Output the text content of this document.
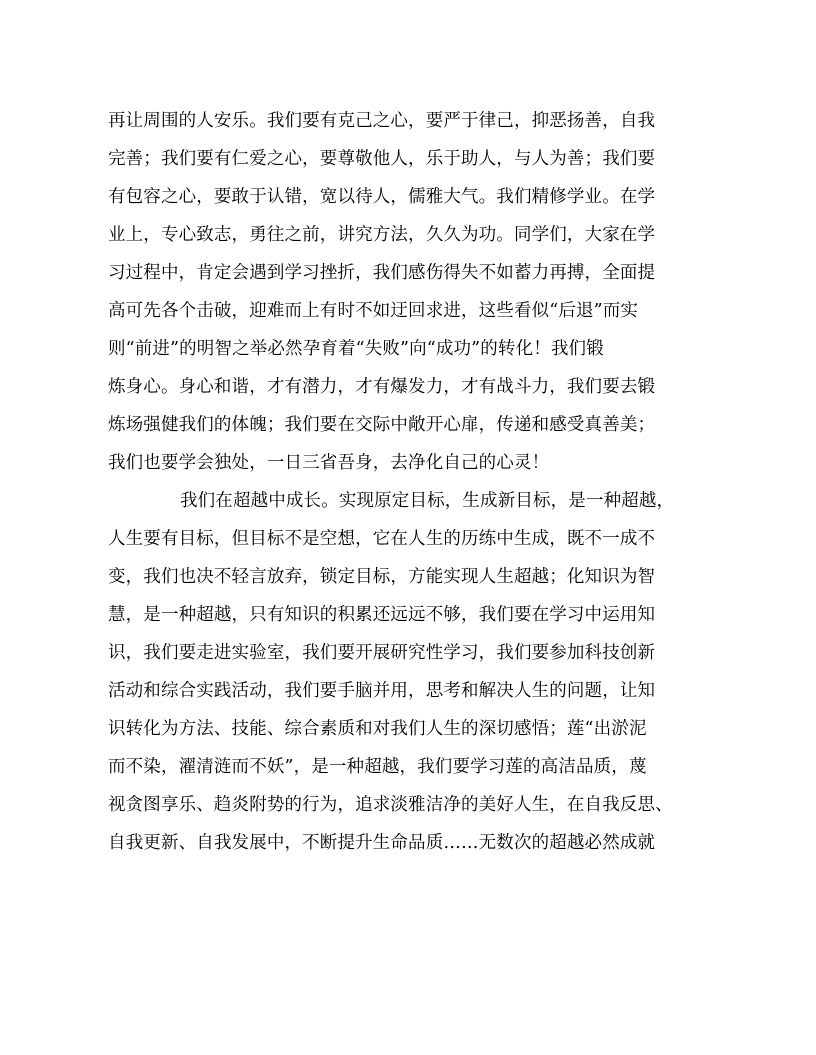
再让周围的人安乐。我们要有克己之心，要严于律己，抑恶扬善，自我
完善；我们要有仁爱之心，要尊敬他人，乐于助人，与人为善；我们要
有包容之心，要敢于认错，宽以待人，儒雅大气。我们精修学业。在学
业上，专心致志，勇往之前，讲究方法，久久为功。同学们，大家在学
习过程中，肯定会遇到学习挫折，我们感伤得失不如蓄力再搏，全面提
高可先各个击破，迎难而上有时不如迂回求进，这些看似“后退”而实
则“前进”的明智之举必然孕育着“失败”向“成功”的转化！我们锻
炼身心。身心和谐，才有潜力，才有爆发力，才有战斗力，我们要去锻
炼场强健我们的体魄；我们要在交际中敞开心扉，传递和感受真善美；
我们也要学会独处，一日三省吾身，去净化自己的心灵！
我们在超越中成长。实现原定目标，生成新目标，是一种超越，
人生要有目标，但目标不是空想，它在人生的历练中生成，既不一成不
变，我们也决不轻言放弃，锁定目标，方能实现人生超越；化知识为智
慧，是一种超越，只有知识的积累还远远不够，我们要在学习中运用知
识，我们要走进实验室，我们要开展研究性学习，我们要参加科技创新
活动和综合实践活动，我们要手脑并用，思考和解决人生的问题，让知
识转化为方法、技能、综合素质和对我们人生的深切感悟；莲“出淤泥
而不染，濯清涟而不妖”，是一种超越，我们要学习莲的高洁品质，蔑
视贪图享乐、趋炎附势的行为，追求淡雅洁净的美好人生，在自我反思、
自我更新、自我发展中，不断提升生命品质……无数次的超越必然成就
